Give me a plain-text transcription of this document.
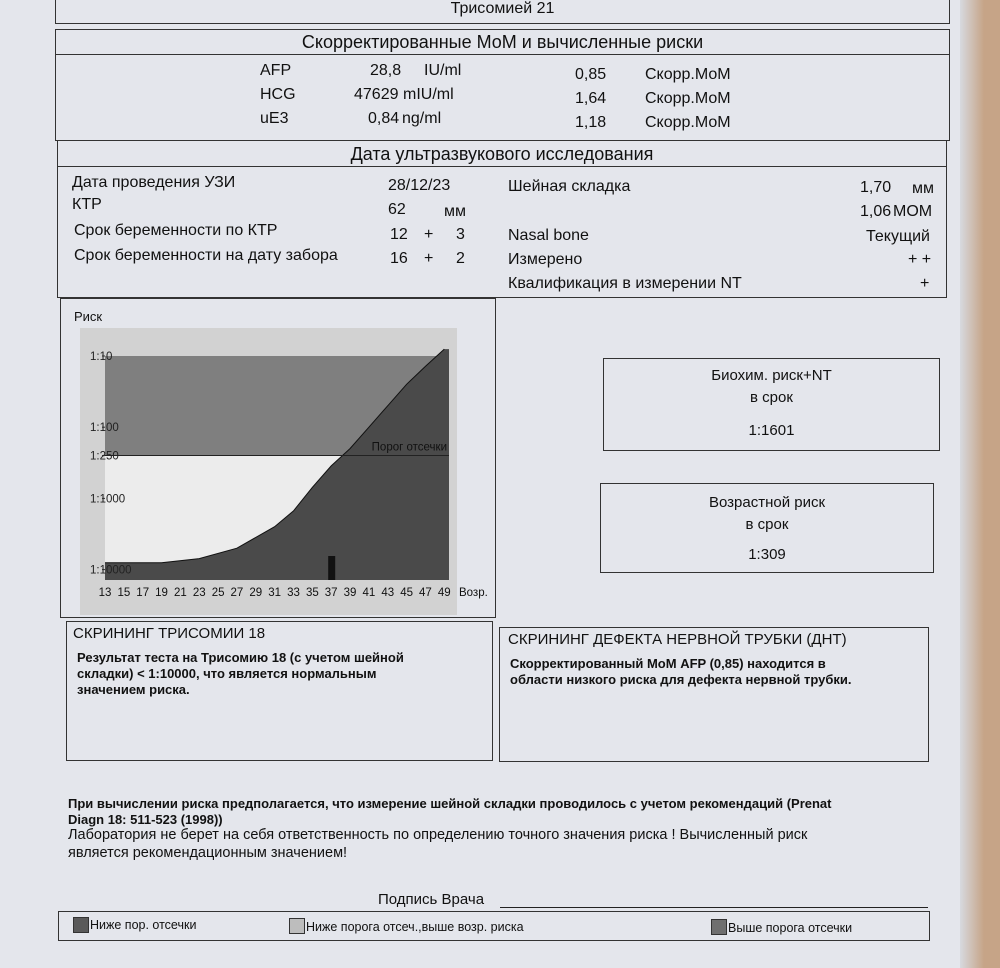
Трисомией 21
Скорректированные МоМ и вычисленные риски
AFP	28,8 IU/ml	0,85 Скорр.МоМ
HCG	47629 mIU/ml	1,64 Скорр.МоМ
uE3	0,84 ng/ml	1,18 Скорр.МоМ
Дата ультразвукового исследования
Дата проведения УЗИ	28/12/23
КТР	62 мм
Срок беременности по КТР	12 + 3
Срок беременности на дату забора	16 + 2
Шейная складка	1,70 мм
1,06 МОМ
Nasal bone	Текущий
Измерено	+ +
Квалификация в измерении NT	+
Риск
Порог отсечки
1:10
1:100
1:250
1:1000
1:10000
13 15 17 19 21 23 25 27 29 31 33 35 37 39 41 43 45 47 49 Возр.
Биохим. риск+NT
в срок
1:1601
Возрастной риск
в срок
1:309
СКРИНИНГ ТРИСОМИИ 18
Результат теста на Трисомию 18 (с учетом шейной
складки) < 1:10000, что является нормальным
значением риска.
СКРИНИНГ ДЕФЕКТА НЕРВНОЙ ТРУБКИ (ДНТ)
Скорректированный МоМ AFP (0,85) находится в
области низкого риска для дефекта нервной трубки.
При вычислении риска предполагается, что измерение шейной складки проводилось с учетом рекомендаций (Prenat
Diagn 18: 511-523 (1998))
Лаборатория не берет на себя ответственность по определению точного значения риска ! Вычисленный риск
является рекомендационным значением!
Подпись Врача
Ниже пор. отсечки	Ниже порога отсеч.,выше возр. риска	Выше порога отсечки
